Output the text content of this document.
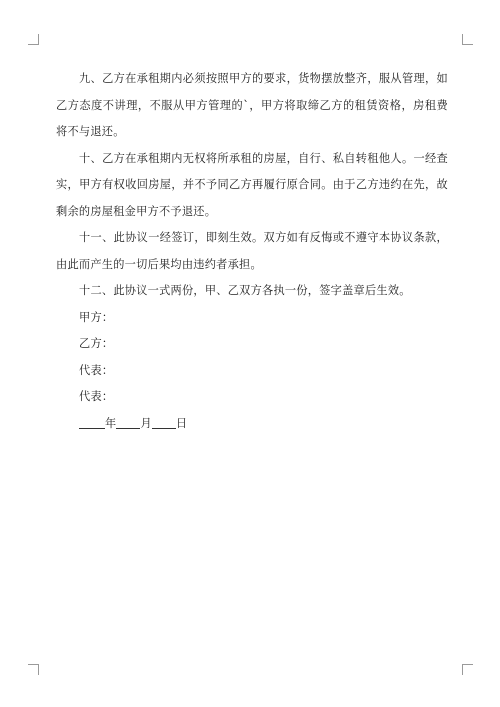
九、乙方在承租期内必须按照甲方的要求，货物摆放整齐，服从管理，如乙方态度不讲理，不服从甲方管理的`，甲方将取缔乙方的租赁资格，房租费将不与退还。

十、乙方在承租期内无权将所承租的房屋，自行、私自转租他人。一经查实，甲方有权收回房屋，并不予同乙方再履行原合同。由于乙方违约在先，故剩余的房屋租金甲方不予退还。

十一、此协议一经签订，即刻生效。双方如有反悔或不遵守本协议条款，由此而产生的一切后果均由违约者承担。

十二、此协议一式两份，甲、乙双方各执一份，签字盖章后生效。

甲方：

乙方：

代表：

代表：

年 月 日
